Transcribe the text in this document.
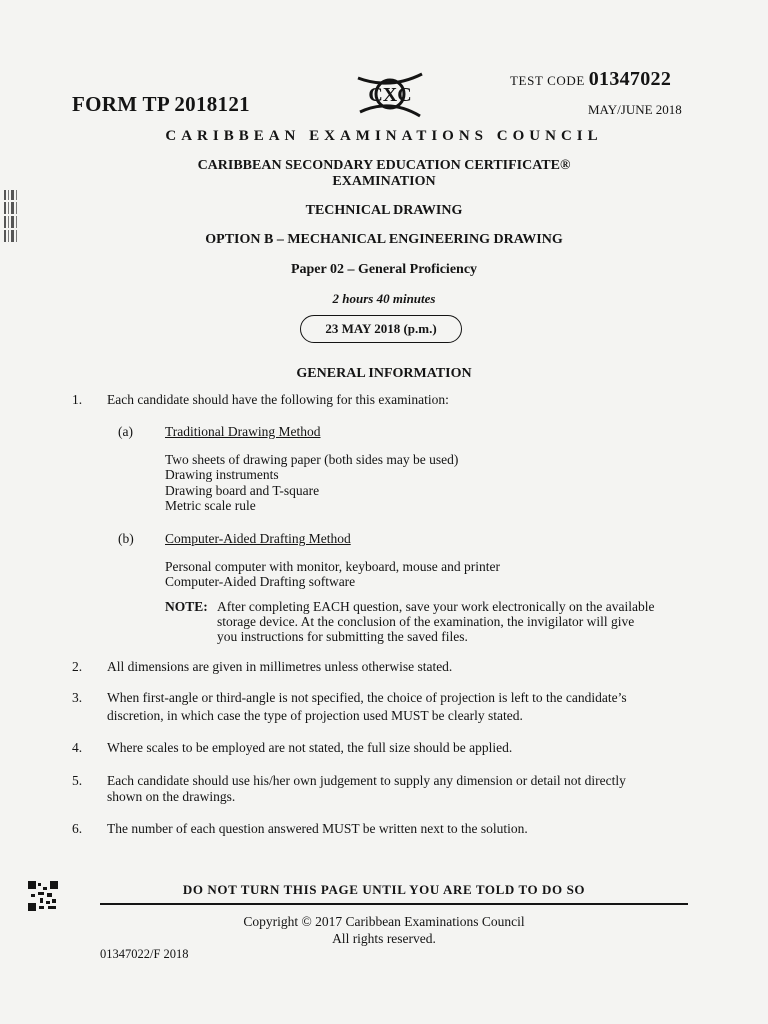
FORM TP 2018121	CXC
TEST CODE 01347022
MAY/JUNE 2018
CARIBBEAN EXAMINATIONS COUNCIL
CARIBBEAN SECONDARY EDUCATION CERTIFICATE®
EXAMINATION
TECHNICAL DRAWING
OPTION B – MECHANICAL ENGINEERING DRAWING
Paper 02 – General Proficiency
2 hours 40 minutes
23 MAY 2018 (p.m.)
GENERAL INFORMATION
1. Each candidate should have the following for this examination:
(a) Traditional Drawing Method
Two sheets of drawing paper (both sides may be used)
Drawing instruments
Drawing board and T-square
Metric scale rule
(b) Computer-Aided Drafting Method
Personal computer with monitor, keyboard, mouse and printer
Computer-Aided Drafting software
NOTE: After completing EACH question, save your work electronically on the available
storage device. At the conclusion of the examination, the invigilator will give
you instructions for submitting the saved files.
2. All dimensions are given in millimetres unless otherwise stated.
3. When first-angle or third-angle is not specified, the choice of projection is left to the candidate’s
discretion, in which case the type of projection used MUST be clearly stated.
4. Where scales to be employed are not stated, the full size should be applied.
5. Each candidate should use his/her own judgement to supply any dimension or detail not directly
shown on the drawings.
6. The number of each question answered MUST be written next to the solution.
DO NOT TURN THIS PAGE UNTIL YOU ARE TOLD TO DO SO
Copyright © 2017 Caribbean Examinations Council
All rights reserved.
01347022/F 2018
